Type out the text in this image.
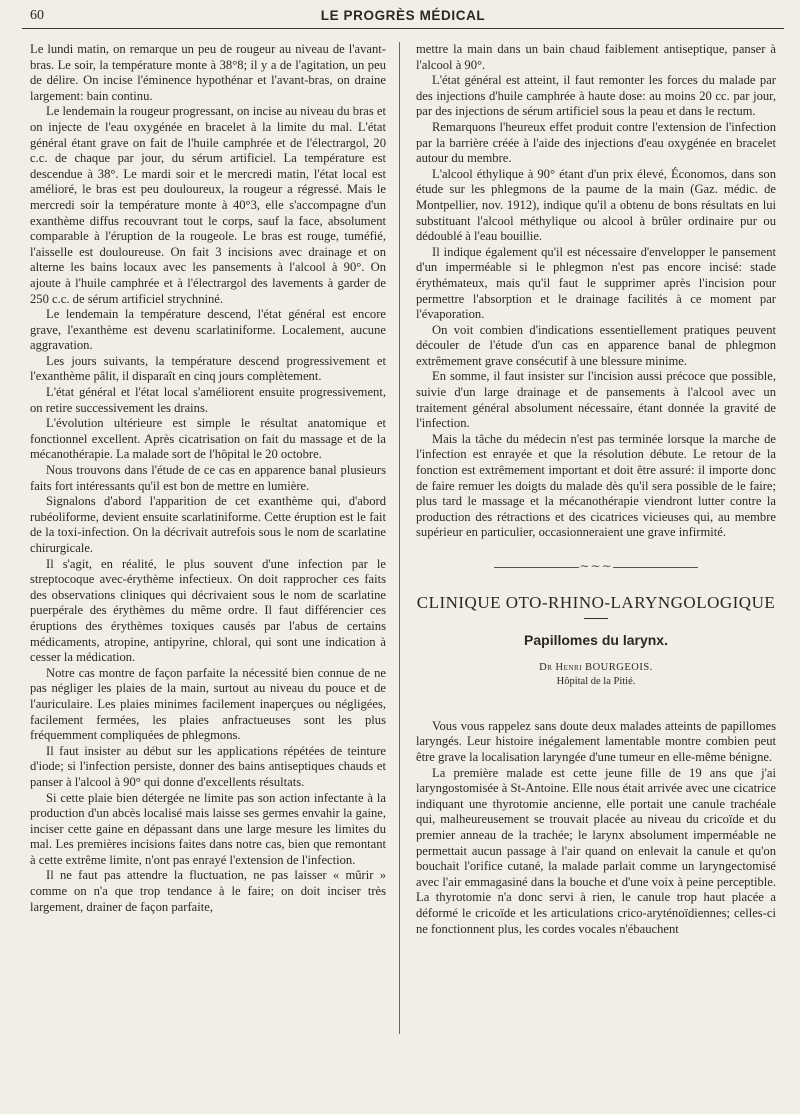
60	LE PROGRÈS MÉDICAL

Le lundi matin, on remarque un peu de rougeur au niveau de l'avant-bras. Le soir, la température monte à 38°8; il y a de l'agitation, un peu de délire. On incise l'éminence hypothénar et l'avant-bras, on draine largement: bain continu.

Le lendemain la rougeur progressant, on incise au niveau du bras et on injecte de l'eau oxygénée en bracelet à la limite du mal. L'état général étant grave on fait de l'huile camphrée et de l'électrargol, 20 c.c. de chaque par jour, du sérum artificiel. La température est descendue à 38°. Le mardi soir et le mercredi matin, l'état local est amélioré, le bras est peu douloureux, la rougeur a régressé. Mais le mercredi soir la température monte à 40°3, elle s'accompagne d'un exanthème diffus recouvrant tout le corps, sauf la face, absolument comparable à l'éruption de la rougeole. Le bras est rouge, tuméfié, l'aisselle est douloureuse. On fait 3 incisions avec drainage et on alterne les bains locaux avec les pansements à l'alcool à 90°. On ajoute à l'huile camphrée et à l'électrargol des lavements à garder de 250 c.c. de sérum artificiel strychniné.

Le lendemain la température descend, l'état général est encore grave, l'exanthème est devenu scarlatiniforme. Localement, aucune aggravation.

Les jours suivants, la température descend progressivement et l'exanthème pâlit, il disparaît en cinq jours complètement.

L'état général et l'état local s'améliorent ensuite progressivement, on retire successivement les drains.

L'évolution ultérieure est simple le résultat anatomique et fonctionnel excellent. Après cicatrisation on fait du massage et de la mécanothérapie. La malade sort de l'hôpital le 20 octobre.

Nous trouvons dans l'étude de ce cas en apparence banal plusieurs faits fort intéressants qu'il est bon de mettre en lumière.

Signalons d'abord l'apparition de cet exanthème qui, d'abord rubéoliforme, devient ensuite scarlatiniforme. Cette éruption est le fait de la toxi-infection. On la décrivait autrefois sous le nom de scarlatine chirurgicale.

Il s'agit, en réalité, le plus souvent d'une infection par le streptocoque avec-érythème infectieux. On doit rapprocher ces faits des observations cliniques qui décrivaient sous le nom de scarlatine puerpérale des érythèmes du même ordre. Il faut différencier ces éruptions des érythèmes toxiques causés par l'abus de certains médicaments, atropine, antipyrine, chloral, qui sont une indication à cesser la médication.

Notre cas montre de façon parfaite la nécessité bien connue de ne pas négliger les plaies de la main, surtout au niveau du pouce et de l'auriculaire. Les plaies minimes facilement inaperçues ou négligées, facilement fermées, les plaies anfractueuses sont les plus fréquemment compliquées de phlegmons.

Il faut insister au début sur les applications répétées de teinture d'iode; si l'infection persiste, donner des bains antiseptiques chauds et panser à l'alcool à 90° qui donne d'excellents résultats.

Si cette plaie bien détergée ne limite pas son action infectante à la production d'un abcès localisé mais laisse ses germes envahir la gaine, inciser cette gaine en dépassant dans une large mesure les limites du mal. Les premières incisions faites dans notre cas, bien que remontant à cette extrême limite, n'ont pas enrayé l'extension de l'infection.

Il ne faut pas attendre la fluctuation, ne pas laisser « mûrir » comme on n'a que trop tendance à le faire; on doit inciser très largement, drainer de façon parfaite,

mettre la main dans un bain chaud faiblement antiseptique, panser à l'alcool à 90°.

L'état général est atteint, il faut remonter les forces du malade par des injections d'huile camphrée à haute dose: au moins 20 cc. par jour, par des injections de sérum artificiel sous la peau et dans le rectum.

Remarquons l'heureux effet produit contre l'extension de l'infection par la barrière créée à l'aide des injections d'eau oxygénée en bracelet autour du membre.

L'alcool éthylique à 90° étant d'un prix élevé, Économos, dans son étude sur les phlegmons de la paume de la main (Gaz. médic. de Montpellier, nov. 1912), indique qu'il a obtenu de bons résultats en lui substituant l'alcool méthylique ou alcool à brûler ordinaire pur ou dédoublé à l'eau bouillie.

Il indique également qu'il est nécessaire d'envelopper le pansement d'un imperméable si le phlegmon n'est pas encore incisé: stade érythémateux, mais qu'il faut le supprimer après l'incision pour permettre l'absorption et le drainage facilités à ce moment par l'évaporation.

On voit combien d'indications essentiellement pratiques peuvent découler de l'étude d'un cas en apparence banal de phlegmon extrêmement grave consécutif à une blessure minime.

En somme, il faut insister sur l'incision aussi précoce que possible, suivie d'un large drainage et de pansements à l'alcool avec un traitement général absolument nécessaire, étant donnée la gravité de l'infection.

Mais la tâche du médecin n'est pas terminée lorsque la marche de l'infection est enrayée et que la résolution débute. Le retour de la fonction est extrêmement important et doit être assuré: il importe donc de faire remuer les doigts du malade dès qu'il sera possible de le faire; plus tard le massage et la mécanothérapie viendront lutter contre la production des rétractions et des cicatrices vicieuses qui, au membre supérieur en particulier, occasionneraient une grave infirmité.

∼∼∼
CLINIQUE OTO-RHINO-LARYNGOLOGIQUE
Papillomes du larynx.
Dr Henri BOURGEOIS.
Hôpital de la Pitié.

Vous vous rappelez sans doute deux malades atteints de papillomes laryngés. Leur histoire inégalement lamentable montre combien peut être grave la localisation laryngée d'une tumeur en elle-même bénigne.

La première malade est cette jeune fille de 19 ans que j'ai laryngostomisée à St-Antoine. Elle nous était arrivée avec une cicatrice indiquant une thyrotomie ancienne, elle portait une canule trachéale qui, malheureusement se trouvait placée au niveau du cricoïde et du premier anneau de la trachée; le larynx absolument imperméable ne permettait aucun passage à l'air quand on enlevait la canule et qu'on bouchait l'orifice cutané, la malade parlait comme un laryngectomisé avec l'air emmagasiné dans la bouche et d'une voix à peine perceptible. La thyrotomie n'a donc servi à rien, le canule trop haut placée a déformé le cricoïde et les articulations crico-aryténoïdiennes; celles-ci ne fonctionnent plus, les cordes vocales n'ébauchent
